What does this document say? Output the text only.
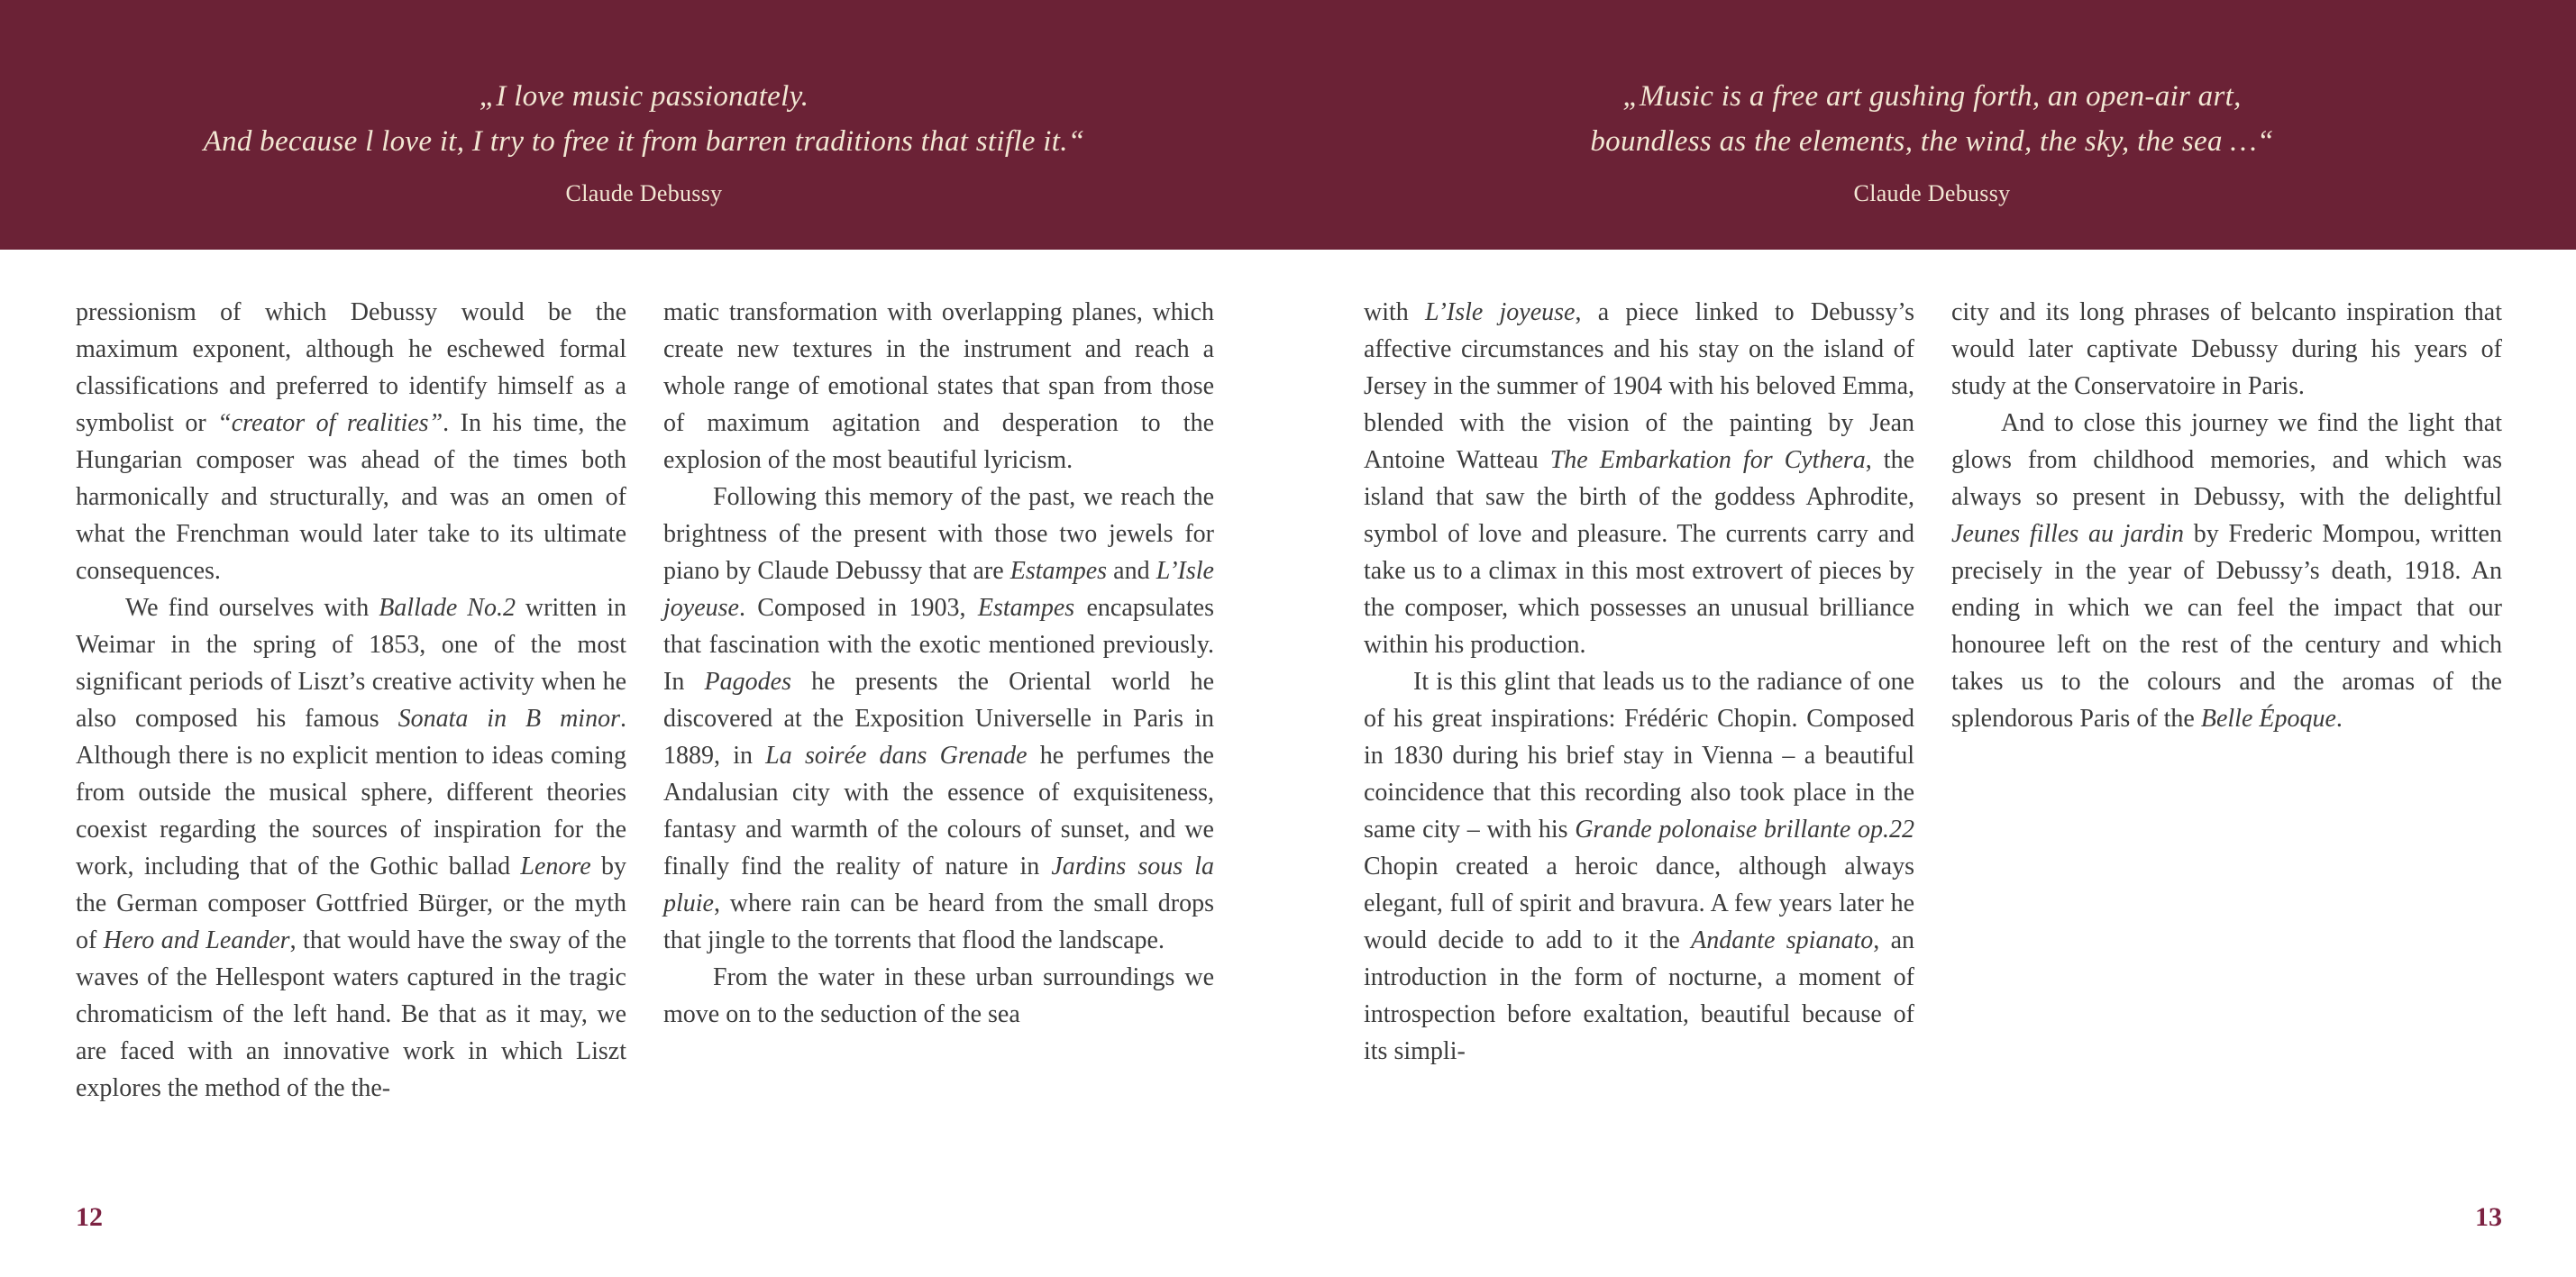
„I love music passionately.
And because l love it, I try to free it from barren traditions that stifle it.“
Claude Debussy
„Music is a free art gushing forth, an open-air art,
boundless as the elements, the wind, the sky, the sea …“
Claude Debussy

pressionism of which Debussy would be the maximum exponent, although he eschewed formal classifications and preferred to identify himself as a symbolist or “creator of realities”. In his time, the Hungarian composer was ahead of the times both harmonically and structurally, and was an omen of what the Frenchman would later take to its ultimate consequences.

We find ourselves with Ballade No.2 written in Weimar in the spring of 1853, one of the most significant periods of Liszt’s creative activity when he also composed his famous Sonata in B minor. Although there is no explicit mention to ideas coming from outside the musical sphere, different theories coexist regarding the sources of inspiration for the work, including that of the Gothic ballad Lenore by the German composer Gottfried Bürger, or the myth of Hero and Leander, that would have the sway of the waves of the Hellespont waters captured in the tragic chromaticism of the left hand. Be that as it may, we are faced with an innovative work in which Liszt explores the method of the the-

matic transformation with overlapping planes, which create new textures in the instrument and reach a whole range of emotional states that span from those of maximum agitation and desperation to the explosion of the most beautiful lyricism.

Following this memory of the past, we reach the brightness of the present with those two jewels for piano by Claude Debussy that are Estampes and L’Isle joyeuse. Composed in 1903, Estampes encapsulates that fascination with the exotic mentioned previously. In Pagodes he presents the Oriental world he discovered at the Exposition Universelle in Paris in 1889, in La soirée dans Grenade he perfumes the Andalusian city with the essence of exquisiteness, fantasy and warmth of the colours of sunset, and we finally find the reality of nature in Jardins sous la pluie, where rain can be heard from the small drops that jingle to the torrents that flood the landscape.

From the water in these urban surroundings we move on to the seduction of the sea

with L’Isle joyeuse, a piece linked to Debussy’s affective circumstances and his stay on the island of Jersey in the summer of 1904 with his beloved Emma, blended with the vision of the painting by Jean Antoine Watteau The Embarkation for Cythera, the island that saw the birth of the goddess Aphrodite, symbol of love and pleasure. The currents carry and take us to a climax in this most extrovert of pieces by the composer, which possesses an unusual brilliance within his production.

It is this glint that leads us to the radiance of one of his great inspirations: Frédéric Chopin. Composed in 1830 during his brief stay in Vienna – a beautiful coincidence that this recording also took place in the same city – with his Grande polonaise brillante op.22 Chopin created a heroic dance, although always elegant, full of spirit and bravura. A few years later he would decide to add to it the Andante spianato, an introduction in the form of nocturne, a moment of introspection before exaltation, beautiful because of its simpli-

city and its long phrases of belcanto inspiration that would later captivate Debussy during his years of study at the Conservatoire in Paris.

And to close this journey we find the light that glows from childhood memories, and which was always so present in Debussy, with the delightful Jeunes filles au jardin by Frederic Mompou, written precisely in the year of Debussy’s death, 1918. An ending in which we can feel the impact that our honouree left on the rest of the century and which takes us to the colours and the aromas of the splendorous Paris of the Belle Époque.

12	13
